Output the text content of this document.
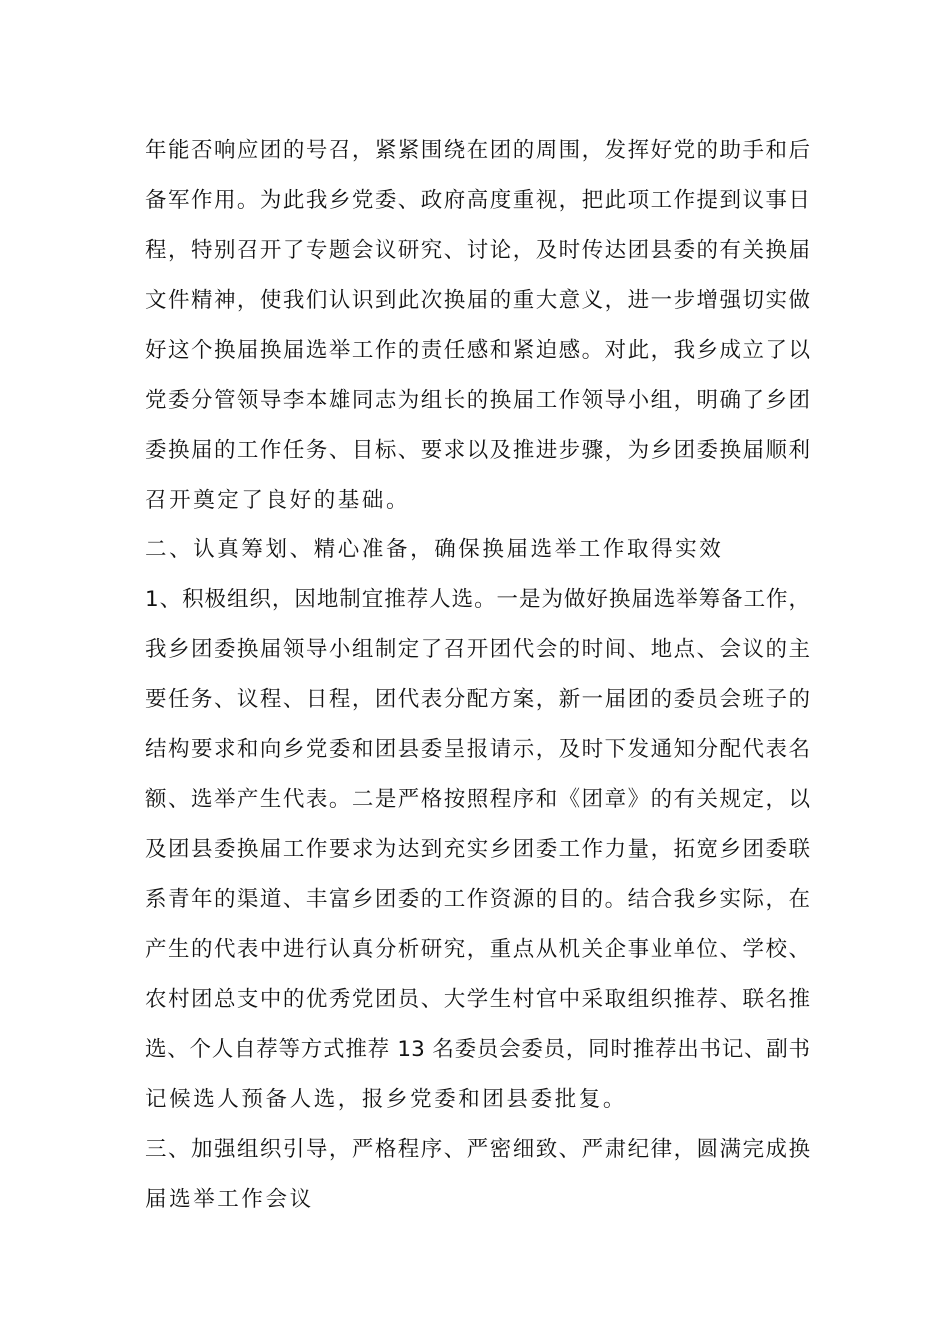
年能否响应团的号召，紧紧围绕在团的周围，发挥好党的助手和后
备军作用。为此我乡党委、政府高度重视，把此项工作提到议事日
程，特别召开了专题会议研究、讨论，及时传达团县委的有关换届
文件精神，使我们认识到此次换届的重大意义，进一步增强切实做
好这个换届换届选举工作的责任感和紧迫感。对此，我乡成立了以
党委分管领导李本雄同志为组长的换届工作领导小组，明确了乡团
委换届的工作任务、目标、要求以及推进步骤，为乡团委换届顺利
召开奠定了良好的基础。
二、认真筹划、精心准备，确保换届选举工作取得实效
1、积极组织，因地制宜推荐人选。一是为做好换届选举筹备工作，
我乡团委换届领导小组制定了召开团代会的时间、地点、会议的主
要任务、议程、日程，团代表分配方案，新一届团的委员会班子的
结构要求和向乡党委和团县委呈报请示，及时下发通知分配代表名
额、选举产生代表。二是严格按照程序和《团章》的有关规定，以
及团县委换届工作要求为达到充实乡团委工作力量，拓宽乡团委联
系青年的渠道、丰富乡团委的工作资源的目的。结合我乡实际，在
产生的代表中进行认真分析研究，重点从机关企事业单位、学校、
农村团总支中的优秀党团员、大学生村官中采取组织推荐、联名推
选、个人自荐等方式推荐 13 名委员会委员，同时推荐出书记、副书
记候选人预备人选，报乡党委和团县委批复。
三、加强组织引导，严格程序、严密细致、严肃纪律，圆满完成换
届选举工作会议
